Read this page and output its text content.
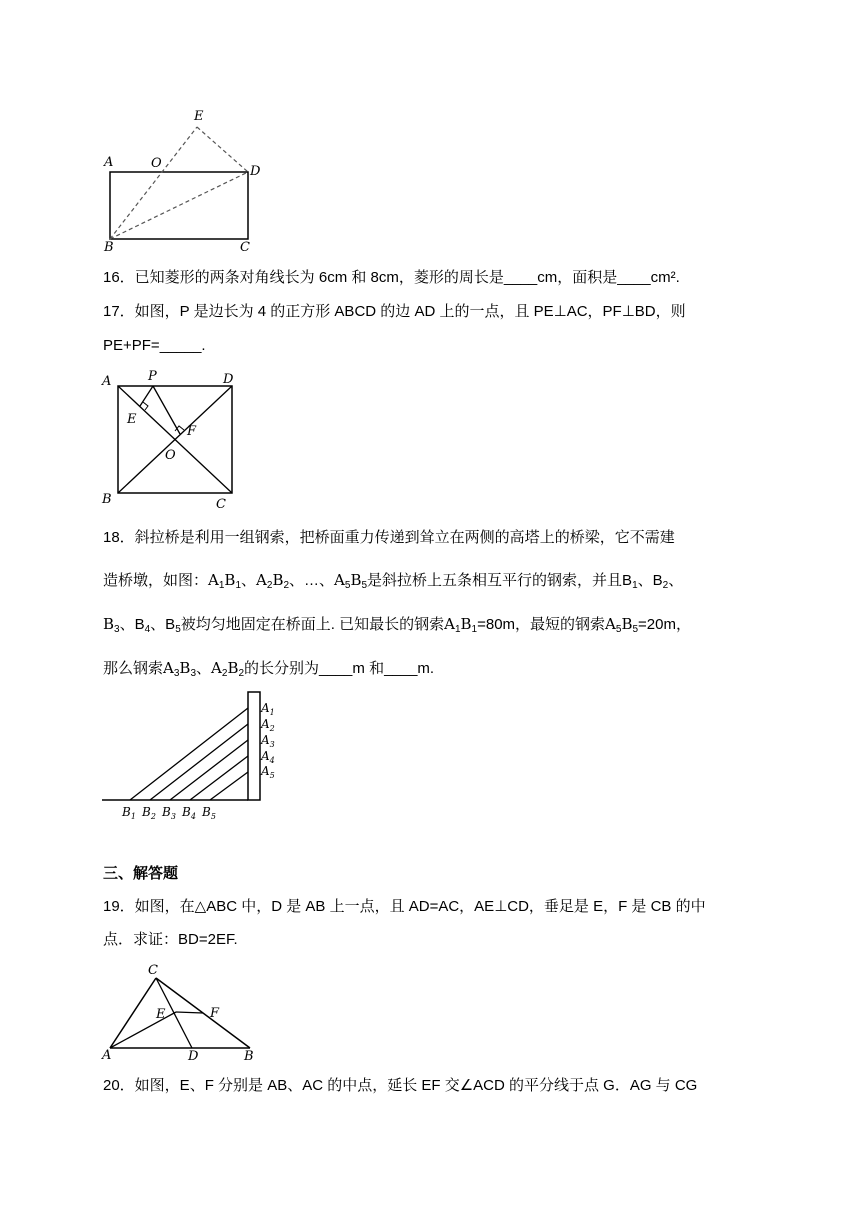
A	O
E
D
B	C
16．已知菱形的两条对角线长为 6cm 和 8cm，菱形的周长是____cm，面积是____cm².
17．如图，P 是边长为 4 的正方形 ABCD 的边 AD 上的一点，且 PE⊥AC，PF⊥BD，则
PE+PF=_____.
A	P	D
E
F
O
B	C
18．斜拉桥是利用一组钢索，把桥面重力传递到耸立在两侧的高塔上的桥梁，它不需建
造桥墩，如图：$A_1B_1$、$A_2B_2$、…、$A_5B_5$是斜拉桥上五条相互平行的钢索，并且$B_1$、$B_2$、
$B_3$、$B_4$、$B_5$被均匀地固定在桥面上. 已知最长的钢索$A_1B_1=80m$，最短的钢索$A_5B_5=20m$，
那么钢索$A_3B_3$、$A_2B_2$的长分别为____m 和____m.
$A_1$
$A_2$
$A_3$
$A_4$
$A_5$
$B_1$ $B_2$ $B_3$ $B_4$ $B_5$
三、解答题
19．如图，在△ABC 中，D 是 AB 上一点，且 AD=AC，AE⊥CD，垂足是 E，F 是 CB 的中
点．求证：BD=2EF.
C
E	F
A	D	B
20．如图，E、F 分别是 AB、AC 的中点，延长 EF 交∠ACD 的平分线于点 G．AG 与 CG
